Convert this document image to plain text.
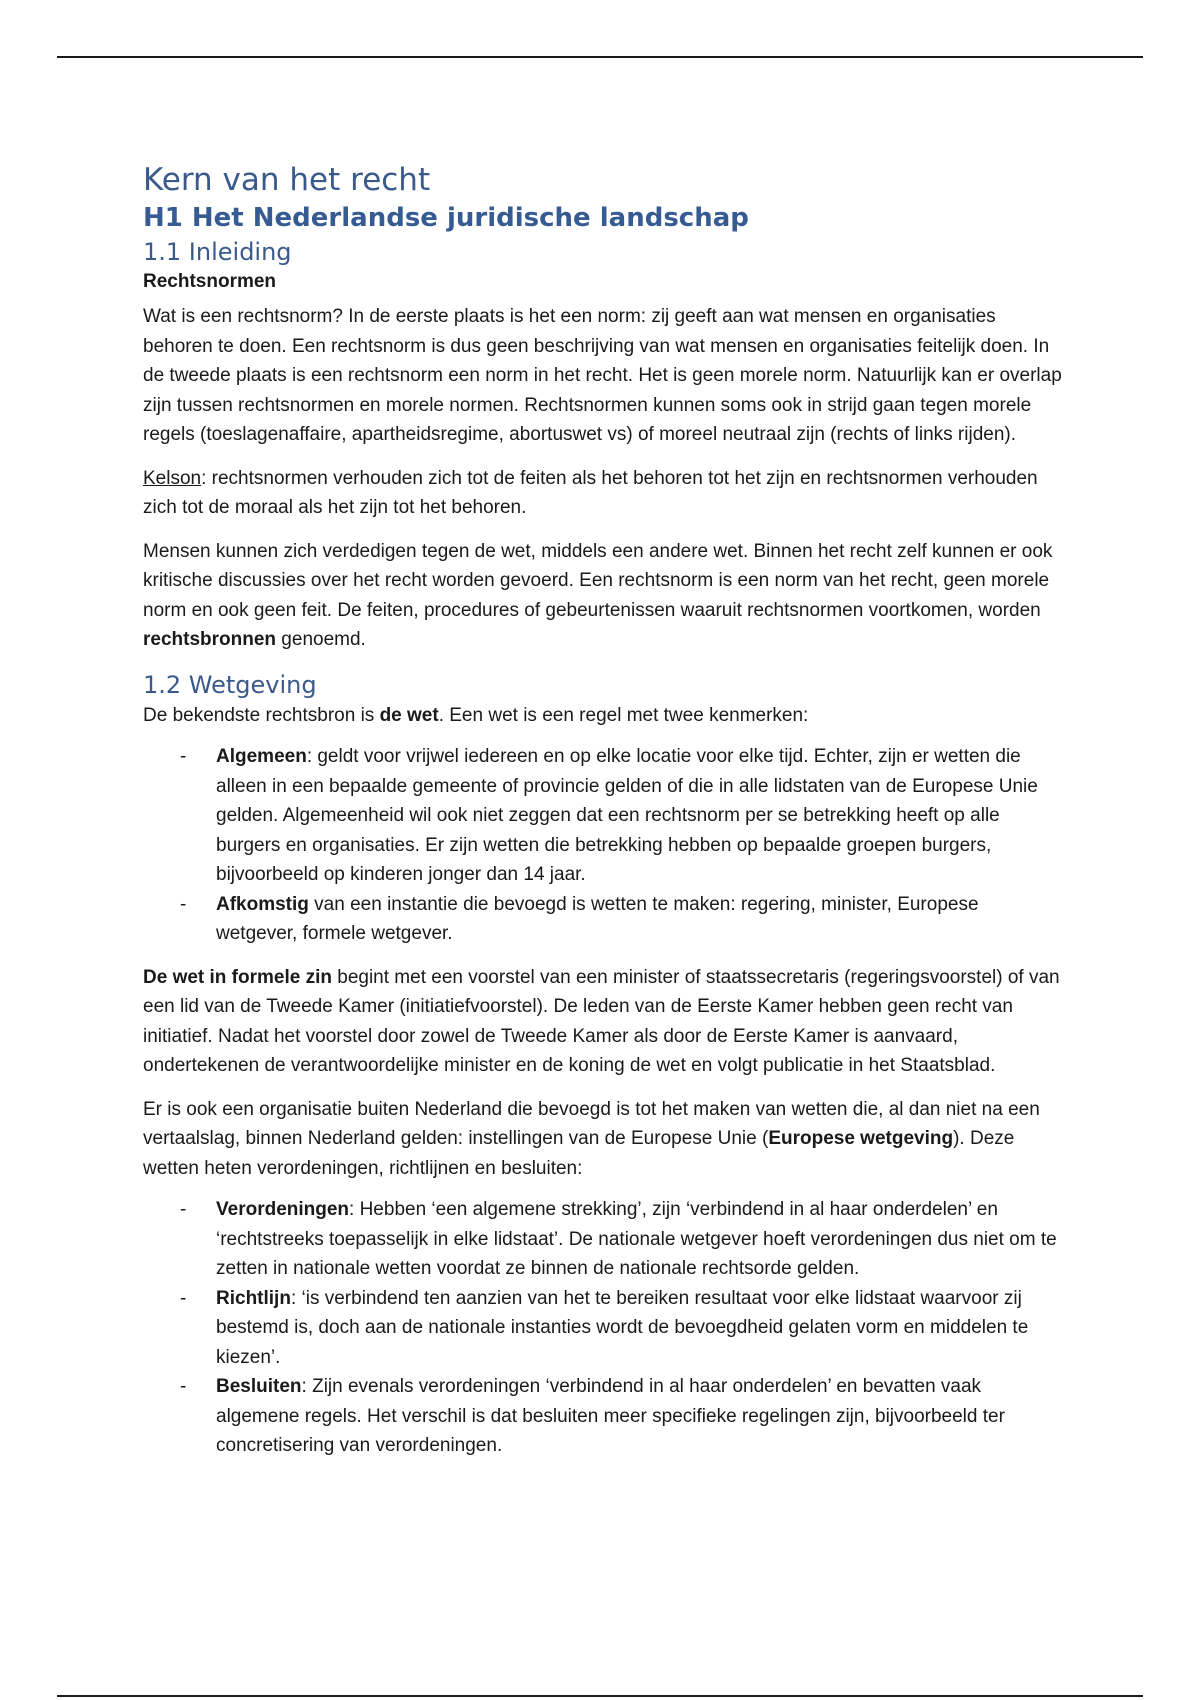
Kern van het recht
H1 Het Nederlandse juridische landschap
1.1 Inleiding
Rechtsnormen

Wat is een rechtsnorm? In de eerste plaats is het een norm: zij geeft aan wat mensen en organisaties behoren te doen. Een rechtsnorm is dus geen beschrijving van wat mensen en organisaties feitelijk doen. In de tweede plaats is een rechtsnorm een norm in het recht. Het is geen morele norm. Natuurlijk kan er overlap zijn tussen rechtsnormen en morele normen. Rechtsnormen kunnen soms ook in strijd gaan tegen morele regels (toeslagenaffaire, apartheidsregime, abortuswet vs) of moreel neutraal zijn (rechts of links rijden).

Kelson: rechtsnormen verhouden zich tot de feiten als het behoren tot het zijn en rechtsnormen verhouden zich tot de moraal als het zijn tot het behoren.

Mensen kunnen zich verdedigen tegen de wet, middels een andere wet. Binnen het recht zelf kunnen er ook kritische discussies over het recht worden gevoerd. Een rechtsnorm is een norm van het recht, geen morele norm en ook geen feit. De feiten, procedures of gebeurtenissen waaruit rechtsnormen voortkomen, worden rechtsbronnen genoemd.

1.2 Wetgeving

De bekendste rechtsbron is de wet. Een wet is een regel met twee kenmerken:

- Algemeen: geldt voor vrijwel iedereen en op elke locatie voor elke tijd. Echter, zijn er wetten die alleen in een bepaalde gemeente of provincie gelden of die in alle lidstaten van de Europese Unie gelden. Algemeenheid wil ook niet zeggen dat een rechtsnorm per se betrekking heeft op alle burgers en organisaties. Er zijn wetten die betrekking hebben op bepaalde groepen burgers, bijvoorbeeld op kinderen jonger dan 14 jaar.
- Afkomstig van een instantie die bevoegd is wetten te maken: regering, minister, Europese wetgever, formele wetgever.

De wet in formele zin begint met een voorstel van een minister of staatssecretaris (regeringsvoorstel) of van een lid van de Tweede Kamer (initiatiefvoorstel). De leden van de Eerste Kamer hebben geen recht van initiatief. Nadat het voorstel door zowel de Tweede Kamer als door de Eerste Kamer is aanvaard, ondertekenen de verantwoordelijke minister en de koning de wet en volgt publicatie in het Staatsblad.

Er is ook een organisatie buiten Nederland die bevoegd is tot het maken van wetten die, al dan niet na een vertaalslag, binnen Nederland gelden: instellingen van de Europese Unie (Europese wetgeving). Deze wetten heten verordeningen, richtlijnen en besluiten:

- Verordeningen: Hebben ‘een algemene strekking’, zijn ‘verbindend in al haar onderdelen’ en ‘rechtstreeks toepasselijk in elke lidstaat’. De nationale wetgever hoeft verordeningen dus niet om te zetten in nationale wetten voordat ze binnen de nationale rechtsorde gelden.
- Richtlijn: ‘is verbindend ten aanzien van het te bereiken resultaat voor elke lidstaat waarvoor zij bestemd is, doch aan de nationale instanties wordt de bevoegdheid gelaten vorm en middelen te kiezen’.
- Besluiten: Zijn evenals verordeningen ‘verbindend in al haar onderdelen’ en bevatten vaak algemene regels. Het verschil is dat besluiten meer specifieke regelingen zijn, bijvoorbeeld ter concretisering van verordeningen.
